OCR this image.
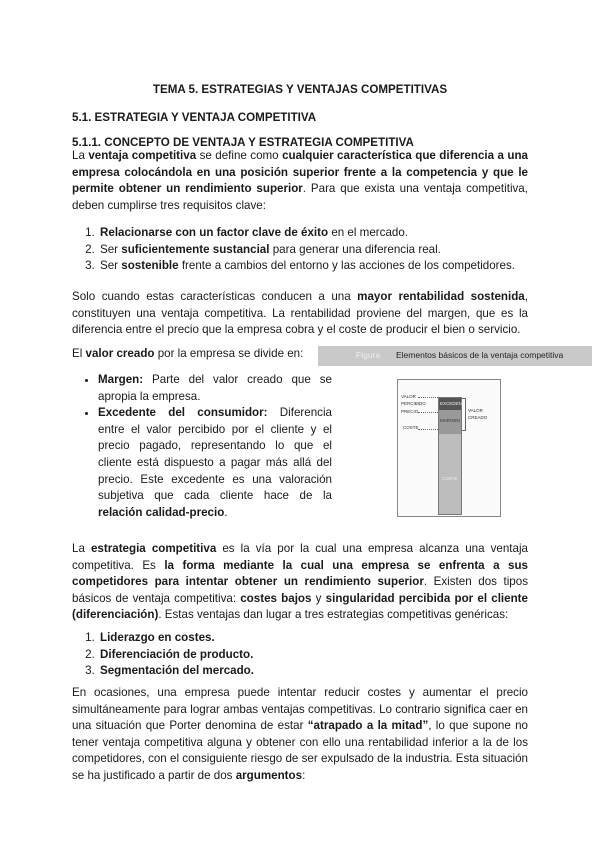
TEMA 5. ESTRATEGIAS Y VENTAJAS COMPETITIVAS
5.1. ESTRATEGIA Y VENTAJA COMPETITIVA
5.1.1. CONCEPTO DE VENTAJA Y ESTRATEGIA COMPETITIVA

La ventaja competitiva se define como cualquier característica que diferencia a una empresa colocándola en una posición superior frente a la competencia y que le permite obtener un rendimiento superior. Para que exista una ventaja competitiva, deben cumplirse tres requisitos clave:

1. Relacionarse con un factor clave de éxito en el mercado.
2. Ser suficientemente sustancial para generar una diferencia real.
3. Ser sostenible frente a cambios del entorno y las acciones de los competidores.

Solo cuando estas características conducen a una mayor rentabilidad sostenida, constituyen una ventaja competitiva. La rentabilidad proviene del margen, que es la diferencia entre el precio que la empresa cobra y el coste de producir el bien o servicio.

El valor creado por la empresa se divide en:

• Margen: Parte del valor creado que se apropia la empresa.
• Excedente del consumidor: Diferencia entre el valor percibido por el cliente y el precio pagado, representando lo que el cliente está dispuesto a pagar más allá del precio. Este excedente es una valoración subjetiva que cada cliente hace de la relación calidad-precio.
Figura Elementos básicos de la ventaja competitiva
VALOR
PERCIBIDO
PRECIO
COSTE
EXCEDENTE
MARGEN
COSTE
VALOR
CREADO

La estrategia competitiva es la vía por la cual una empresa alcanza una ventaja competitiva. Es la forma mediante la cual una empresa se enfrenta a sus competidores para intentar obtener un rendimiento superior. Existen dos tipos básicos de ventaja competitiva: costes bajos y singularidad percibida por el cliente (diferenciación). Estas ventajas dan lugar a tres estrategias competitivas genéricas:

1. Liderazgo en costes.
2. Diferenciación de producto.
3. Segmentación del mercado.

En ocasiones, una empresa puede intentar reducir costes y aumentar el precio simultáneamente para lograr ambas ventajas competitivas. Lo contrario significa caer en una situación que Porter denomina de estar “atrapado a la mitad”, lo que supone no tener ventaja competitiva alguna y obtener con ello una rentabilidad inferior a la de los competidores, con el consiguiente riesgo de ser expulsado de la industria. Esta situación se ha justificado a partir de dos argumentos:
